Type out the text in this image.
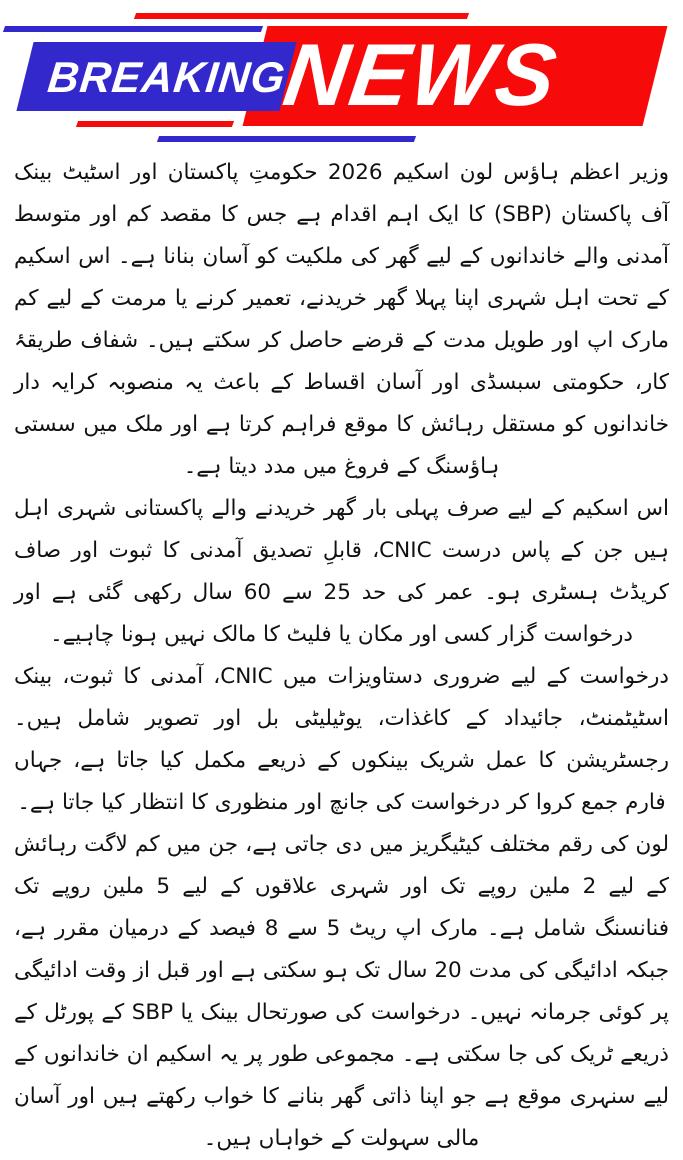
BREAKING
NEWS

وزیر اعظم ہاؤس لون اسکیم 2026 حکومتِ پاکستان اور اسٹیٹ بینک آف پاکستان (SBP) کا ایک اہم اقدام ہے جس کا مقصد کم اور متوسط آمدنی والے خاندانوں کے لیے گھر کی ملکیت کو آسان بنانا ہے۔ اس اسکیم کے تحت اہل شہری اپنا پہلا گھر خریدنے، تعمیر کرنے یا مرمت کے لیے کم مارک اپ اور طویل مدت کے قرضے حاصل کر سکتے ہیں۔ شفاف طریقۂ کار، حکومتی سبسڈی اور آسان اقساط کے باعث یہ منصوبہ کرایہ دار خاندانوں کو مستقل رہائش کا موقع فراہم کرتا ہے اور ملک میں سستی ہاؤسنگ کے فروغ میں مدد دیتا ہے۔

اس اسکیم کے لیے صرف پہلی بار گھر خریدنے والے پاکستانی شہری اہل ہیں جن کے پاس درست CNIC، قابلِ تصدیق آمدنی کا ثبوت اور صاف کریڈٹ ہسٹری ہو۔ عمر کی حد 25 سے 60 سال رکھی گئی ہے اور درخواست گزار کسی اور مکان یا فلیٹ کا مالک نہیں ہونا چاہیے۔

درخواست کے لیے ضروری دستاویزات میں CNIC، آمدنی کا ثبوت، بینک اسٹیٹمنٹ، جائیداد کے کاغذات، یوٹیلیٹی بل اور تصویر شامل ہیں۔ رجسٹریشن کا عمل شریک بینکوں کے ذریعے مکمل کیا جاتا ہے، جہاں فارم جمع کروا کر درخواست کی جانچ اور منظوری کا انتظار کیا جاتا ہے۔

لون کی رقم مختلف کیٹیگریز میں دی جاتی ہے، جن میں کم لاگت رہائش کے لیے 2 ملین روپے تک اور شہری علاقوں کے لیے 5 ملین روپے تک فنانسنگ شامل ہے۔ مارک اپ ریٹ 5 سے 8 فیصد کے درمیان مقرر ہے، جبکہ ادائیگی کی مدت 20 سال تک ہو سکتی ہے اور قبل از وقت ادائیگی پر کوئی جرمانہ نہیں۔ درخواست کی صورتحال بینک یا SBP کے پورٹل کے ذریعے ٹریک کی جا سکتی ہے۔ مجموعی طور پر یہ اسکیم ان خاندانوں کے لیے سنہری موقع ہے جو اپنا ذاتی گھر بنانے کا خواب رکھتے ہیں اور آسان مالی سہولت کے خواہاں ہیں۔
